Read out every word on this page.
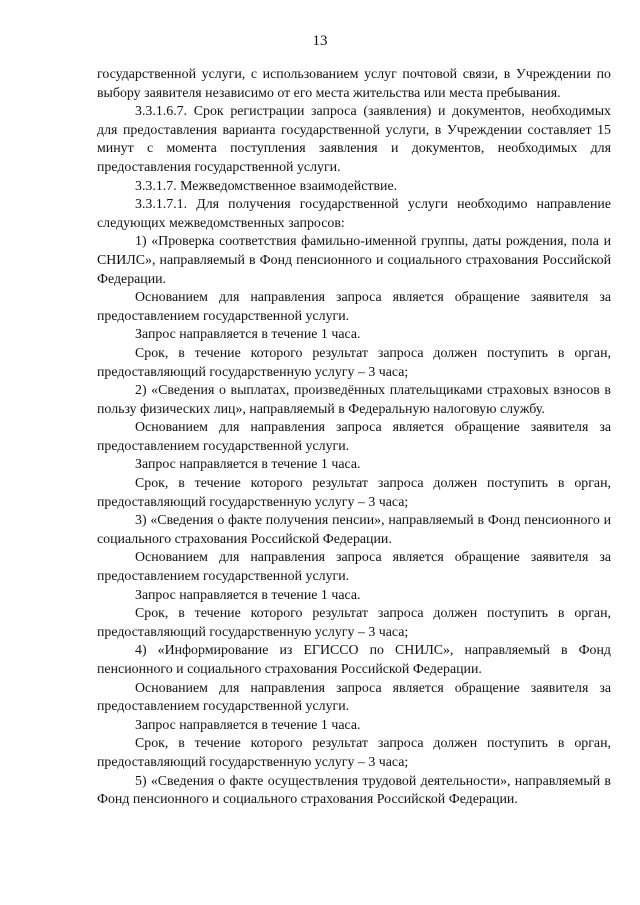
13

государственной услуги, с использованием услуг почтовой связи, в Учреждении по выбору заявителя независимо от его места жительства или места пребывания.

3.3.1.6.7. Срок регистрации запроса (заявления) и документов, необходимых для предоставления варианта государственной услуги, в Учреждении составляет 15 минут с момента поступления заявления и документов, необходимых для предоставления государственной услуги.

3.3.1.7. Межведомственное взаимодействие.

3.3.1.7.1. Для получения государственной услуги необходимо направление следующих межведомственных запросов:

1) «Проверка соответствия фамильно-именной группы, даты рождения, пола и СНИЛС», направляемый в Фонд пенсионного и социального страхования Российской Федерации.

Основанием для направления запроса является обращение заявителя за предоставлением государственной услуги.

Запрос направляется в течение 1 часа.

Срок, в течение которого результат запроса должен поступить в орган, предоставляющий государственную услугу – 3 часа;

2) «Сведения о выплатах, произведённых плательщиками страховых взносов в пользу физических лиц», направляемый в Федеральную налоговую службу.

Основанием для направления запроса является обращение заявителя за предоставлением государственной услуги.

Запрос направляется в течение 1 часа.

Срок, в течение которого результат запроса должен поступить в орган, предоставляющий государственную услугу – 3 часа;

3) «Сведения о факте получения пенсии», направляемый в Фонд пенсионного и социального страхования Российской Федерации.

Основанием для направления запроса является обращение заявителя за предоставлением государственной услуги.

Запрос направляется в течение 1 часа.

Срок, в течение которого результат запроса должен поступить в орган, предоставляющий государственную услугу – 3 часа;

4) «Информирование из ЕГИССО по СНИЛС», направляемый в Фонд пенсионного и социального страхования Российской Федерации.

Основанием для направления запроса является обращение заявителя за предоставлением государственной услуги.

Запрос направляется в течение 1 часа.

Срок, в течение которого результат запроса должен поступить в орган, предоставляющий государственную услугу – 3 часа;

5) «Сведения о факте осуществления трудовой деятельности», направляемый в Фонд пенсионного и социального страхования Российской Федерации.
